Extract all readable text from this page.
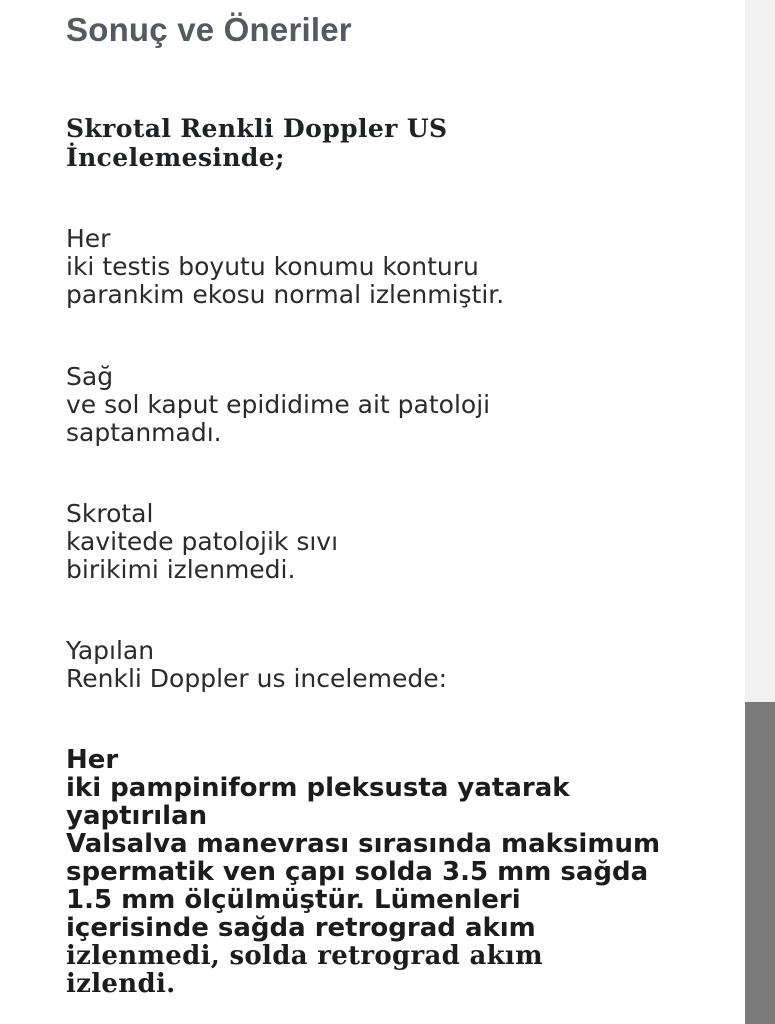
Sonuç ve Öneriler
Skrotal Renkli Doppler US
İncelemesinde;

Her
iki testis boyutu konumu konturu
parankim ekosu normal izlenmiştir.

Sağ
ve sol kaput epididime ait patoloji
saptanmadı.

Skrotal
kavitede patolojik sıvı
birikimi izlenmedi.

Yapılan
Renkli Doppler us incelemede:

Her
iki pampiniform pleksusta yatarak
yaptırılan
Valsalva manevrası sırasında maksimum
spermatik ven çapı solda 3.5 mm sağda
1.5 mm ölçülmüştür. Lümenleri
içerisinde sağda retrograd akım
izlenmedi, solda retrograd akım
izlendi.
